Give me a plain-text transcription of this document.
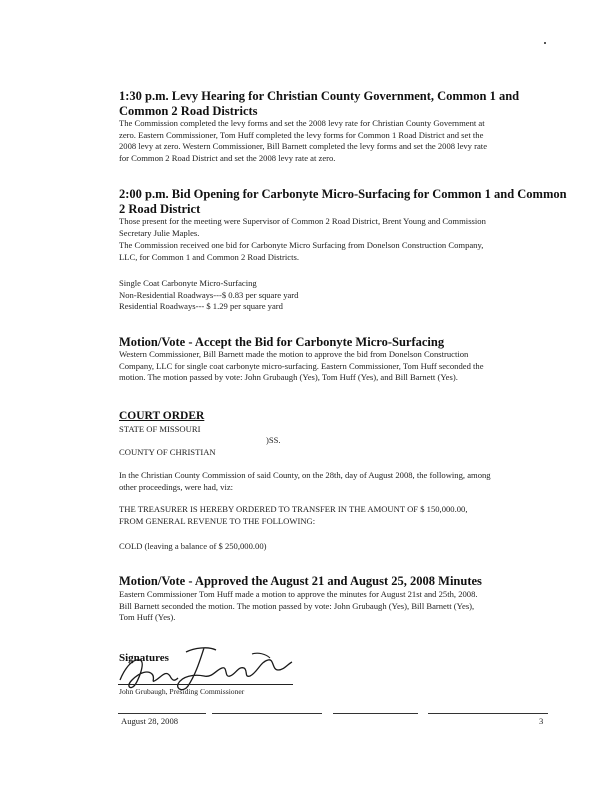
1:30 p.m. Levy Hearing for Christian County Government, Common 1 and

Common 2 Road Districts

The Commission completed the levy forms and set the 2008 levy rate for Christian County Government at
zero. Eastern Commissioner, Tom Huff completed the levy forms for Common 1 Road District and set the
2008 levy at zero. Western Commissioner, Bill Barnett completed the levy forms and set the 2008 levy rate
for Common 2 Road District and set the 2008 levy rate at zero.

2:00 p.m. Bid Opening for Carbonyte Micro-Surfacing for Common 1 and Common

2 Road District

Those present for the meeting were Supervisor of Common 2 Road District, Brent Young and Commission
Secretary Julie Maples.

The Commission received one bid for Carbonyte Micro Surfacing from Donelson Construction Company,
LLC, for Common 1 and Common 2 Road Districts.

Single Coat Carbonyte Micro-Surfacing

Non-Residential Roadways---$ 0.83 per square yard

Residential Roadways--- $ 1.29 per square yard

Motion/Vote - Accept the Bid for Carbonyte Micro-Surfacing

Western Commissioner, Bill Barnett made the motion to approve the bid from Donelson Construction
Company, LLC for single coat carbonyte micro-surfacing. Eastern Commissioner, Tom Huff seconded the
motion. The motion passed by vote: John Grubaugh (Yes), Tom Huff (Yes), and Bill Barnett (Yes).

COURT ORDER

STATE OF MISSOURI

)SS.

COUNTY OF CHRISTIAN

In the Christian County Commission of said County, on the 28th, day of August 2008, the following, among
other proceedings, were had, viz:

THE TREASURER IS HEREBY ORDERED TO TRANSFER IN THE AMOUNT OF $ 150,000.00,

FROM GENERAL REVENUE TO THE FOLLOWING:

COLD (leaving a balance of $ 250,000.00)

Motion/Vote - Approved the August 21 and August 25, 2008 Minutes

Eastern Commissioner Tom Huff made a motion to approve the minutes for August 21st and 25th, 2008.
Bill Barnett seconded the motion. The motion passed by vote: John Grubaugh (Yes), Bill Barnett (Yes),
Tom Huff (Yes).

Signatures

John Grubaugh, Presiding Commissioner

August 28, 2008	3
